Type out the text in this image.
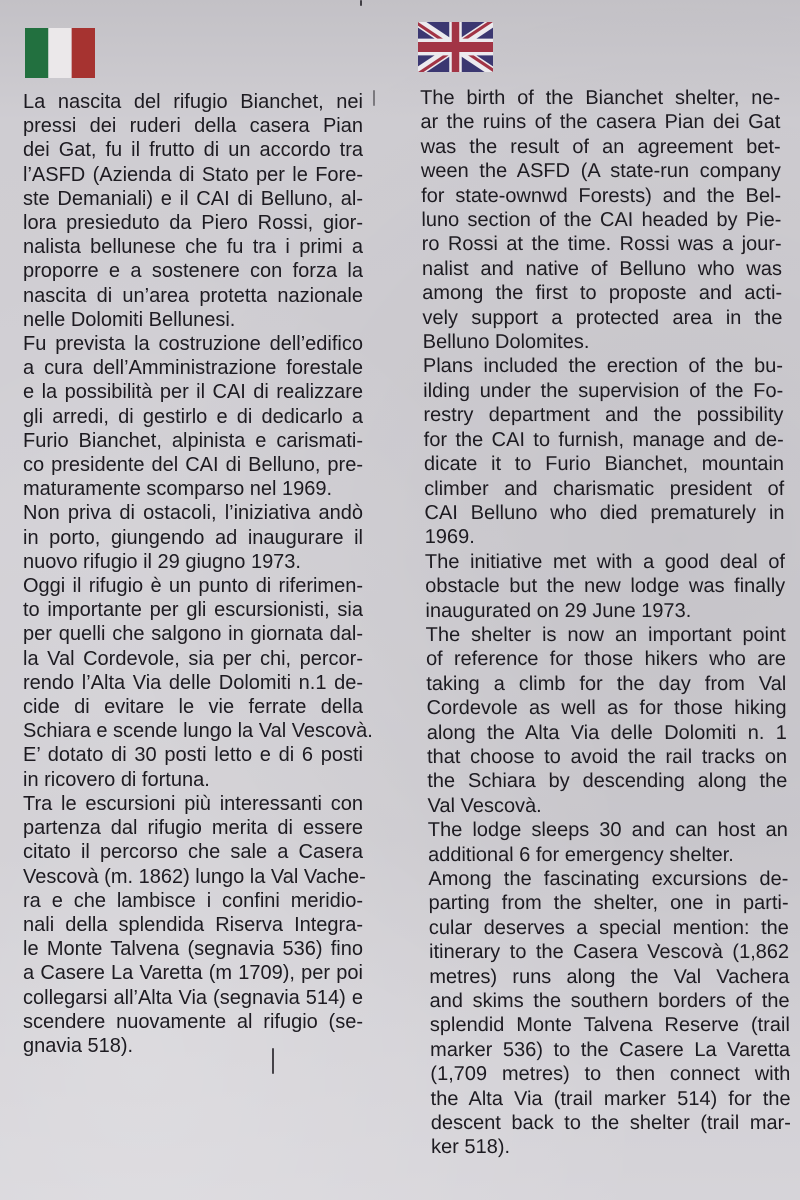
La nascita del rifugio Bianchet, nei
pressi dei ruderi della casera Pian
dei Gat, fu il frutto di un accordo tra
l’ASFD (Azienda di Stato per le Fore-
ste Demaniali) e il CAI di Belluno, al-
lora presieduto da Piero Rossi, gior-
nalista bellunese che fu tra i primi a
proporre e a sostenere con forza la
nascita di un’area protetta nazionale
nelle Dolomiti Bellunesi.
Fu prevista la costruzione dell’edifico
a cura dell’Amministrazione forestale
e la possibilità per il CAI di realizzare
gli arredi, di gestirlo e di dedicarlo a
Furio Bianchet, alpinista e carismati-
co presidente del CAI di Belluno, pre-
maturamente scomparso nel 1969.
Non priva di ostacoli, l’iniziativa andò
in porto, giungendo ad inaugurare il
nuovo rifugio il 29 giugno 1973.
Oggi il rifugio è un punto di riferimen-
to importante per gli escursionisti, sia
per quelli che salgono in giornata dal-
la Val Cordevole, sia per chi, percor-
rendo l’Alta Via delle Dolomiti n.1 de-
cide di evitare le vie ferrate della
Schiara e scende lungo la Val Vescovà.
E’ dotato di 30 posti letto e di 6 posti
in ricovero di fortuna.
Tra le escursioni più interessanti con
partenza dal rifugio merita di essere
citato il percorso che sale a Casera
Vescovà (m. 1862) lungo la Val Vache-
ra e che lambisce i confini meridio-
nali della splendida Riserva Integra-
le Monte Talvena (segnavia 536) fino
a Casere La Varetta (m 1709), per poi
collegarsi all’Alta Via (segnavia 514) e
scendere nuovamente al rifugio (se-
gnavia 518).
The birth of the Bianchet shelter, ne-
ar the ruins of the casera Pian dei Gat
was the result of an agreement bet-
ween the ASFD (A state-run company
for state-ownwd Forests) and the Bel-
luno section of the CAI headed by Pie-
ro Rossi at the time. Rossi was a jour-
nalist and native of Belluno who was
among the first to proposte and acti-
vely support a protected area in the
Belluno Dolomites.
Plans included the erection of the bu-
ilding under the supervision of the Fo-
restry department and the possibility
for the CAI to furnish, manage and de-
dicate it to Furio Bianchet, mountain
climber and charismatic president of
CAI Belluno who died prematurely in
1969.
The initiative met with a good deal of
obstacle but the new lodge was finally
inaugurated on 29 June 1973.
The shelter is now an important point
of reference for those hikers who are
taking a climb for the day from Val
Cordevole as well as for those hiking
along the Alta Via delle Dolomiti n. 1
that choose to avoid the rail tracks on
the Schiara by descending along the
Val Vescovà.
The lodge sleeps 30 and can host an
additional 6 for emergency shelter.
Among the fascinating excursions de-
parting from the shelter, one in parti-
cular deserves a special mention: the
itinerary to the Casera Vescovà (1,862
metres) runs along the Val Vachera
and skims the southern borders of the
splendid Monte Talvena Reserve (trail
marker 536) to the Casere La Varetta
(1,709 metres) to then connect with
the Alta Via (trail marker 514) for the
descent back to the shelter (trail mar-
ker 518).
